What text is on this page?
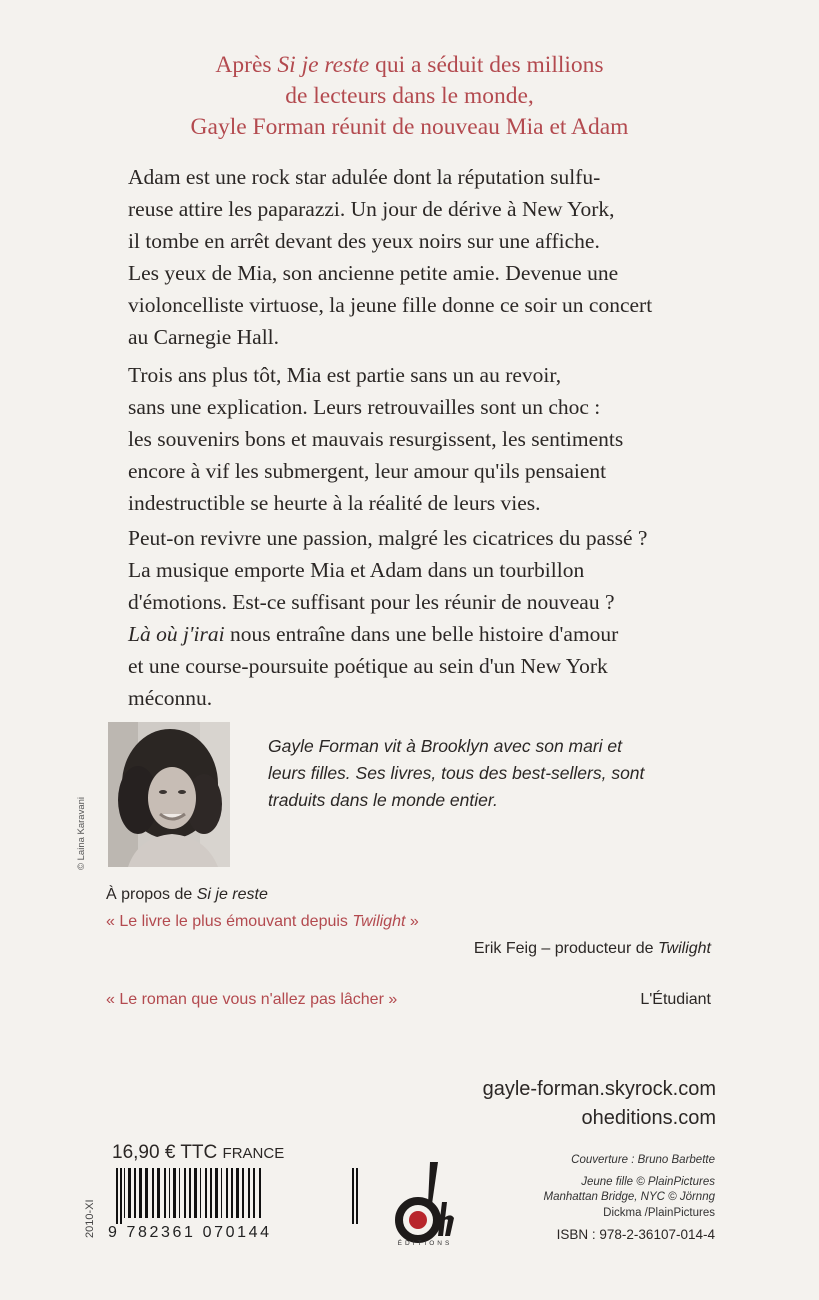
Après Si je reste qui a séduit des millions
de lecteurs dans le monde,
Gayle Forman réunit de nouveau Mia et Adam
Adam est une rock star adulée dont la réputation sulfu-
reuse attire les paparazzi. Un jour de dérive à New York,
il tombe en arrêt devant des yeux noirs sur une affiche.
Les yeux de Mia, son ancienne petite amie. Devenue une
violoncelliste virtuose, la jeune fille donne ce soir un concert
au Carnegie Hall.
Trois ans plus tôt, Mia est partie sans un au revoir,
sans une explication. Leurs retrouvailles sont un choc :
les souvenirs bons et mauvais resurgissent, les sentiments
encore à vif les submergent, leur amour qu'ils pensaient
indestructible se heurte à la réalité de leurs vies.
Peut-on revivre une passion, malgré les cicatrices du passé ?
La musique emporte Mia et Adam dans un tourbillon
d'émotions. Est-ce suffisant pour les réunir de nouveau ?
Là où j'irai nous entraîne dans une belle histoire d'amour
et une course-poursuite poétique au sein d'un New York
méconnu.
© Laina Karavani
Gayle Forman vit à Brooklyn avec son mari et
leurs filles. Ses livres, tous des best-sellers, sont
traduits dans le monde entier.
À propos de Si je reste
« Le livre le plus émouvant depuis Twilight »
Erik Feig – producteur de Twilight
« Le roman que vous n'allez pas lâcher »	L'Étudiant
gayle-forman.skyrock.com
oheditions.com
16,90 € TTC FRANCE
2010-XI 9 782361 070144
ÉDITIONS
Couverture : Bruno Barbette
Jeune fille © PlainPictures
Manhattan Bridge, NYC © Jörnng
Dickma /PlainPictures
ISBN : 978-2-36107-014-4
